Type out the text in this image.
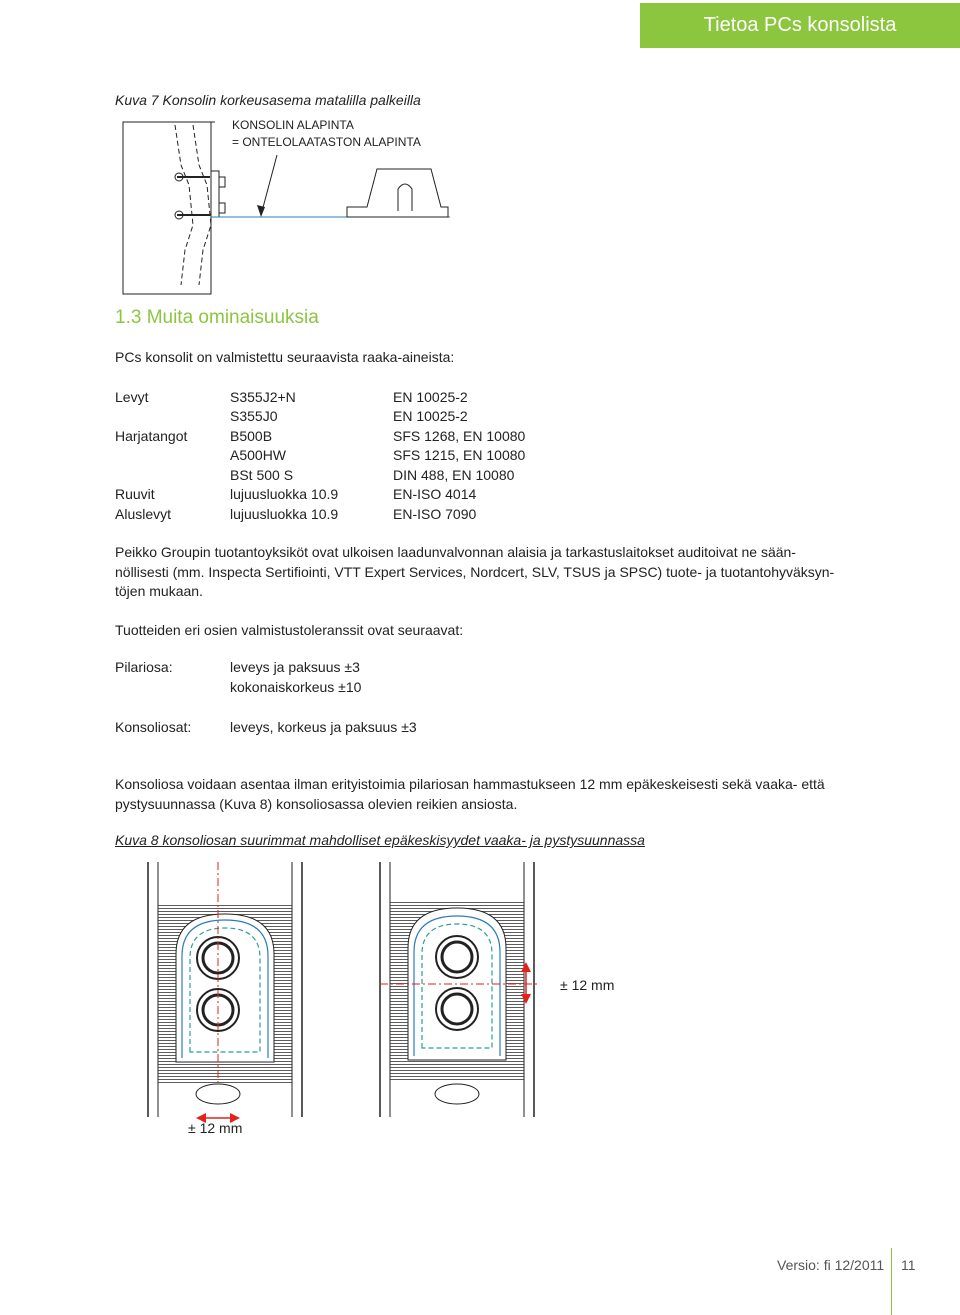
Tietoa PCs konsolista
Kuva 7 Konsolin korkeusasema matalilla palkeilla
KONSOLIN ALAPINTA
= ONTELOLAATASTON ALAPINTA
1.3 Muita ominaisuuksia
PCs konsolit on valmistettu seuraavista raaka-aineista:
Levyt	S355J2+N	EN 10025-2
	S355J0	EN 10025-2
Harjatangot	B500B	SFS 1268, EN 10080
	A500HW	SFS 1215, EN 10080
	BSt 500 S	DIN 488, EN 10080
Ruuvit	lujuusluokka 10.9	EN-ISO 4014
Aluslevyt	lujuusluokka 10.9	EN-ISO 7090
Peikko Groupin tuotantoyksiköt ovat ulkoisen laadunvalvonnan alaisia ja tarkastuslaitokset auditoivat ne sään-
nöllisesti (mm. Inspecta Sertifiointi, VTT Expert Services, Nordcert, SLV, TSUS ja SPSC) tuote- ja tuotantohyväksyn-
töjen mukaan.
Tuotteiden eri osien valmistustoleranssit ovat seuraavat:
Pilariosa:	leveys ja paksuus ±3
	kokonaiskorkeus ±10

Konsoliosat:	leveys, korkeus ja paksuus ±3
Konsoliosa voidaan asentaa ilman erityistoimia pilariosan hammastukseen 12 mm epäkeskeisesti sekä vaaka- että
pystysuunnassa (Kuva 8) konsoliosassa olevien reikien ansiosta.
Kuva 8 konsoliosan suurimmat mahdolliset epäkeskisyydet vaaka- ja pystysuunnassa
± 12 mm
± 12 mm
Versio: fi 12/2011 11
